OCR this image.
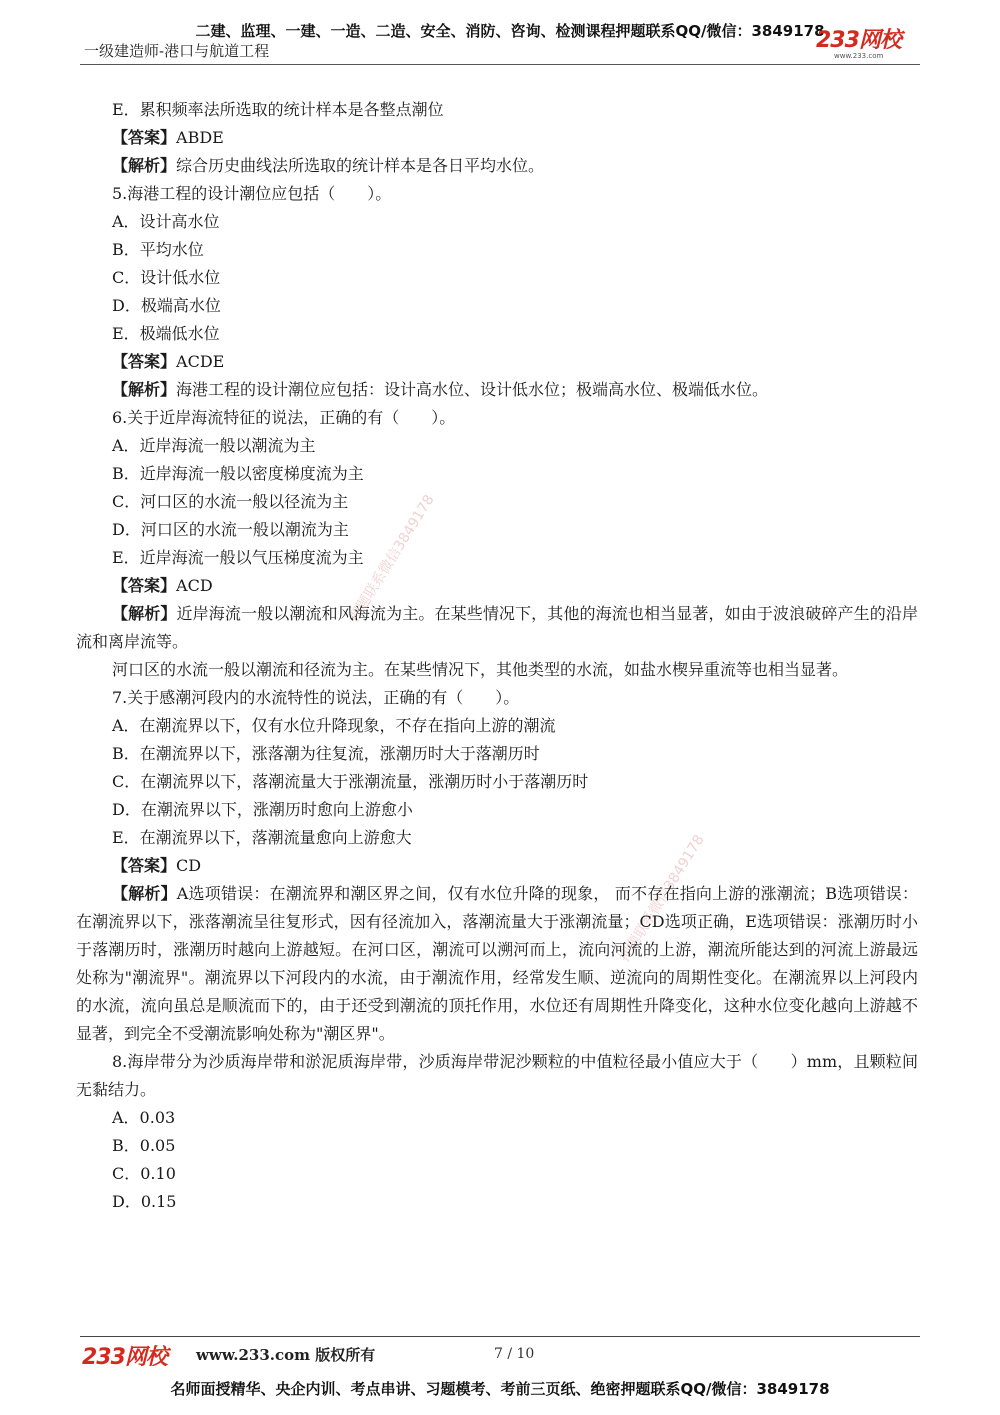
二建、监理、一建、一造、二造、安全、消防、咨询、检测课程押题联系QQ/微信：3849178
一级建造师-港口与航道工程	233网校
www.233.com
押题联系微信3849178
押题联系微信3849178
E．累积频率法所选取的统计样本是各整点潮位
【答案】ABDE
【解析】综合历史曲线法所选取的统计样本是各日平均水位。
5.海港工程的设计潮位应包括（　　）。
A．设计高水位
B．平均水位
C．设计低水位
D．极端高水位
E．极端低水位
【答案】ACDE
【解析】海港工程的设计潮位应包括：设计高水位、设计低水位；极端高水位、极端低水位。
6.关于近岸海流特征的说法，正确的有（　　）。
A．近岸海流一般以潮流为主
B．近岸海流一般以密度梯度流为主
C．河口区的水流一般以径流为主
D．河口区的水流一般以潮流为主
E．近岸海流一般以气压梯度流为主
【答案】ACD
【解析】近岸海流一般以潮流和风海流为主。在某些情况下，其他的海流也相当显著，如由于波浪破碎产生的沿岸流和离岸流等。
河口区的水流一般以潮流和径流为主。在某些情况下，其他类型的水流，如盐水楔异重流等也相当显著。
7.关于感潮河段内的水流特性的说法，正确的有（　　）。
A．在潮流界以下，仅有水位升降现象，不存在指向上游的潮流
B．在潮流界以下，涨落潮为往复流，涨潮历时大于落潮历时
C．在潮流界以下，落潮流量大于涨潮流量，涨潮历时小于落潮历时
D．在潮流界以下，涨潮历时愈向上游愈小
E．在潮流界以下，落潮流量愈向上游愈大
【答案】CD
【解析】A选项错误：在潮流界和潮区界之间，仅有水位升降的现象， 而不存在指向上游的涨潮流；B选项错误：在潮流界以下，涨落潮流呈往复形式，因有径流加入，落潮流量大于涨潮流量；CD选项正确，E选项错误：涨潮历时小于落潮历时，涨潮历时越向上游越短。在河口区，潮流可以溯河而上，流向河流的上游，潮流所能达到的河流上游最远处称为"潮流界"。潮流界以下河段内的水流，由于潮流作用，经常发生顺、逆流向的周期性变化。在潮流界以上河段内的水流，流向虽总是顺流而下的，由于还受到潮流的顶托作用，水位还有周期性升降变化，这种水位变化越向上游越不显著，到完全不受潮流影响处称为"潮区界"。
8.海岸带分为沙质海岸带和淤泥质海岸带，沙质海岸带泥沙颗粒的中值粒径最小值应大于（　　）mm，且颗粒间无黏结力。
A．0.03
B．0.05
C．0.10
D．0.15
233网校 www.233.com 版权所有	7 / 10
名师面授精华、央企内训、考点串讲、习题模考、考前三页纸、绝密押题联系QQ/微信：3849178
